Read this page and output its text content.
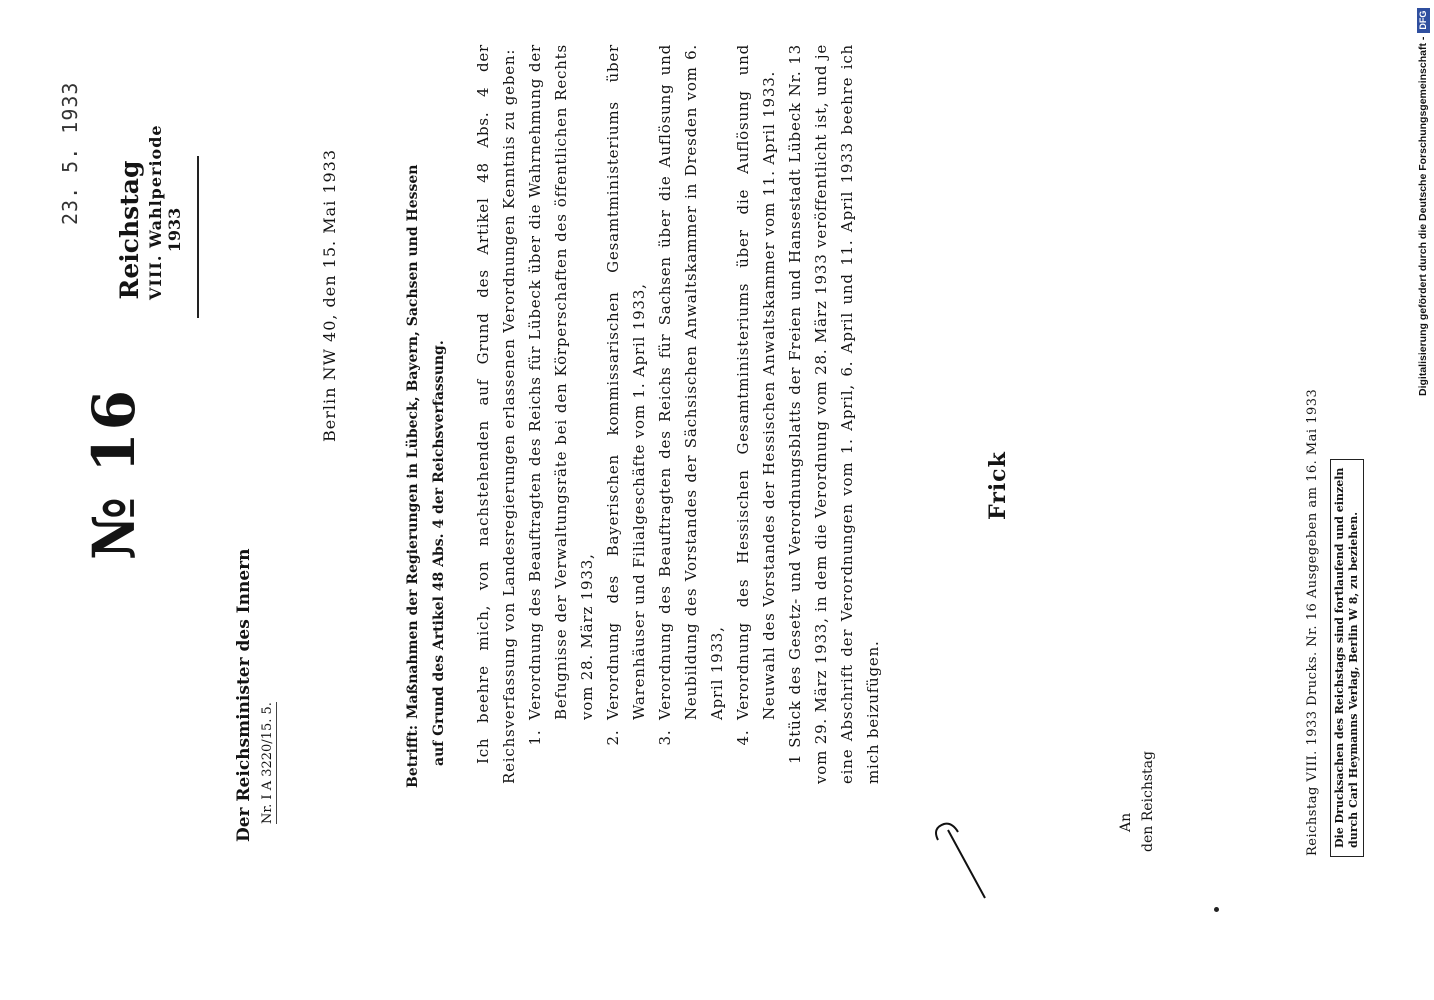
23. 5. 1933
№ 16
Reichstag VIII. Wahlperiode 1933
Der Reichsminister des Innern Nr. I A 3220/15. 5.
Berlin NW 40, den 15. Mai 1933
Betrifft:Maßnahmen der Regierungen in Lübeck, Bayern, Sachsen und Hessen auf Grund des Artikel 48 Abs. 4 der Reichsverfassung.	Ich beehre mich, von nachstehenden auf Grund des Artikel 48 Abs. 4 der Reichsverfassung von Landesregierungen erlassenen Verordnungen Kenntnis zu geben: 1. Verordnung des Beauftragten des Reichs für Lübeck über die Wahrnehmung der Befugnisse der Verwaltungsräte bei den Körperschaften des öffentlichen Rechts vom 28. März 1933, 2. Verordnung des Bayerischen kommissarischen Gesamtministeriums über Warenhäuser und Filialgeschäfte vom 1. April 1933, 3. Verordnung des Beauftragten des Reichs für Sachsen über die Auflösung und Neubildung des Vorstandes der Sächsischen Anwaltskammer in Dresden vom 6. April 1933, 4. Verordnung des Hessischen Gesamtministeriums über die Auflösung und Neuwahl des Vorstandes der Hessischen Anwaltskammer vom 11. April 1933. 1 Stück des Gesetz- und Verordnungsblatts der Freien und Hansestadt Lübeck Nr. 13 vom 29. März 1933, in dem die Verordnung vom 28. März 1933 veröffentlicht ist, und je eine Abschrift der Verordnungen vom 1. April, 6. April und 11. April 1933 beehre ich mich beizufügen.

Frick
An den Reichstag	Reichstag VIII. 1933 Drucks. Nr. 16 Ausgegeben am 16. Mai 1933 Die Drucksachen des Reichstags sind fortlaufend und einzeln durch Carl Heymanns Verlag, Berlin W 8, zu beziehen.
Digitalisierung gefördert durch die Deutsche Forschungsgemeinschaft -
DFG
